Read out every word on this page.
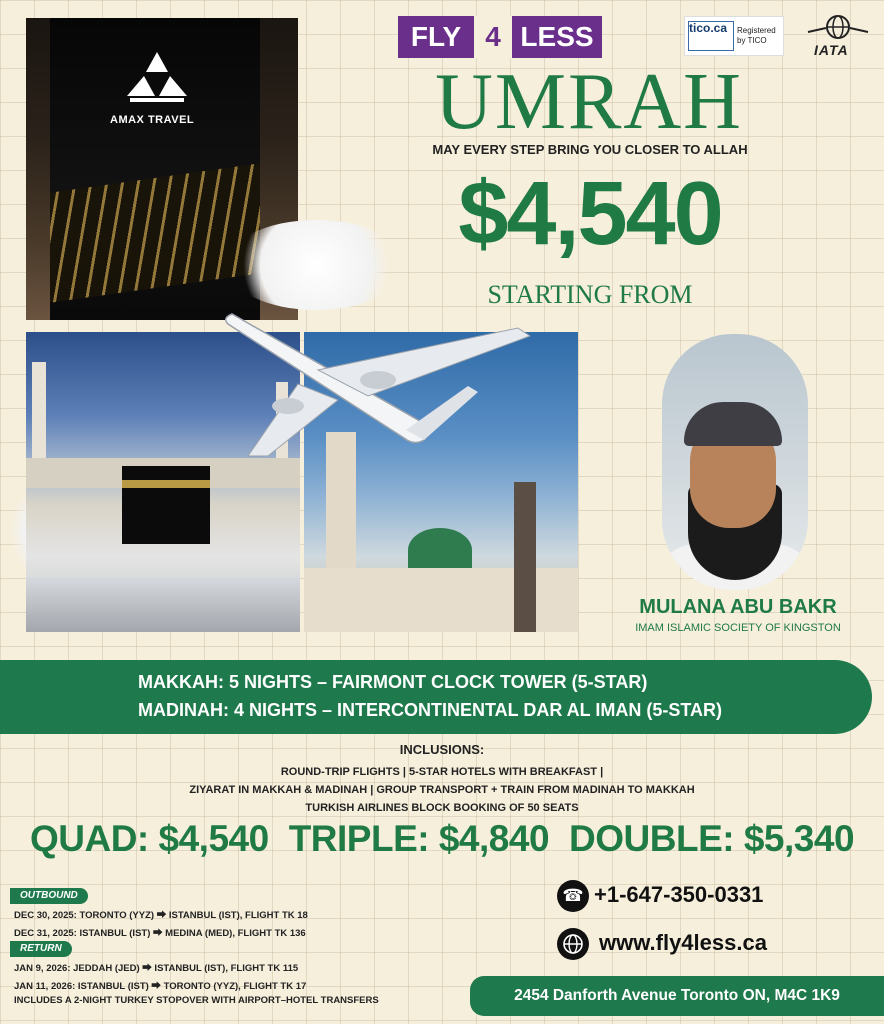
AMAX TRAVEL
FLY 4 LESS	tico.ca Registered by TICO
IATA
UMRAH
MAY EVERY STEP BRING YOU CLOSER TO ALLAH
$4,540
STARTING FROM
MULANA ABU BAKR
IMAM ISLAMIC SOCIETY OF KINGSTON
MAKKAH: 5 NIGHTS – FAIRMONT CLOCK TOWER (5-STAR)
MADINAH: 4 NIGHTS – INTERCONTINENTAL DAR AL IMAN (5-STAR)
INCLUSIONS:
ROUND-TRIP FLIGHTS | 5-STAR HOTELS WITH BREAKFAST |
ZIYARAT IN MAKKAH & MADINAH | GROUP TRANSPORT + TRAIN FROM MADINAH TO MAKKAH
TURKISH AIRLINES BLOCK BOOKING OF 50 SEATS
QUAD: $4,540 TRIPLE: $4,840 DOUBLE: $5,340
OUTBOUND
DEC 30, 2025: TORONTO (YYZ) ⮕ ISTANBUL (IST), FLIGHT TK 18
DEC 31, 2025: ISTANBUL (IST) ⮕ MEDINA (MED), FLIGHT TK 136
RETURN
JAN 9, 2026: JEDDAH (JED) ⮕ ISTANBUL (IST), FLIGHT TK 115
JAN 11, 2026: ISTANBUL (IST) ⮕ TORONTO (YYZ), FLIGHT TK 17
INCLUDES A 2-NIGHT TURKEY STOPOVER WITH AIRPORT–HOTEL TRANSFERS
☎ +1-647-350-0331
www.fly4less.ca
2454 Danforth Avenue Toronto ON, M4C 1K9
